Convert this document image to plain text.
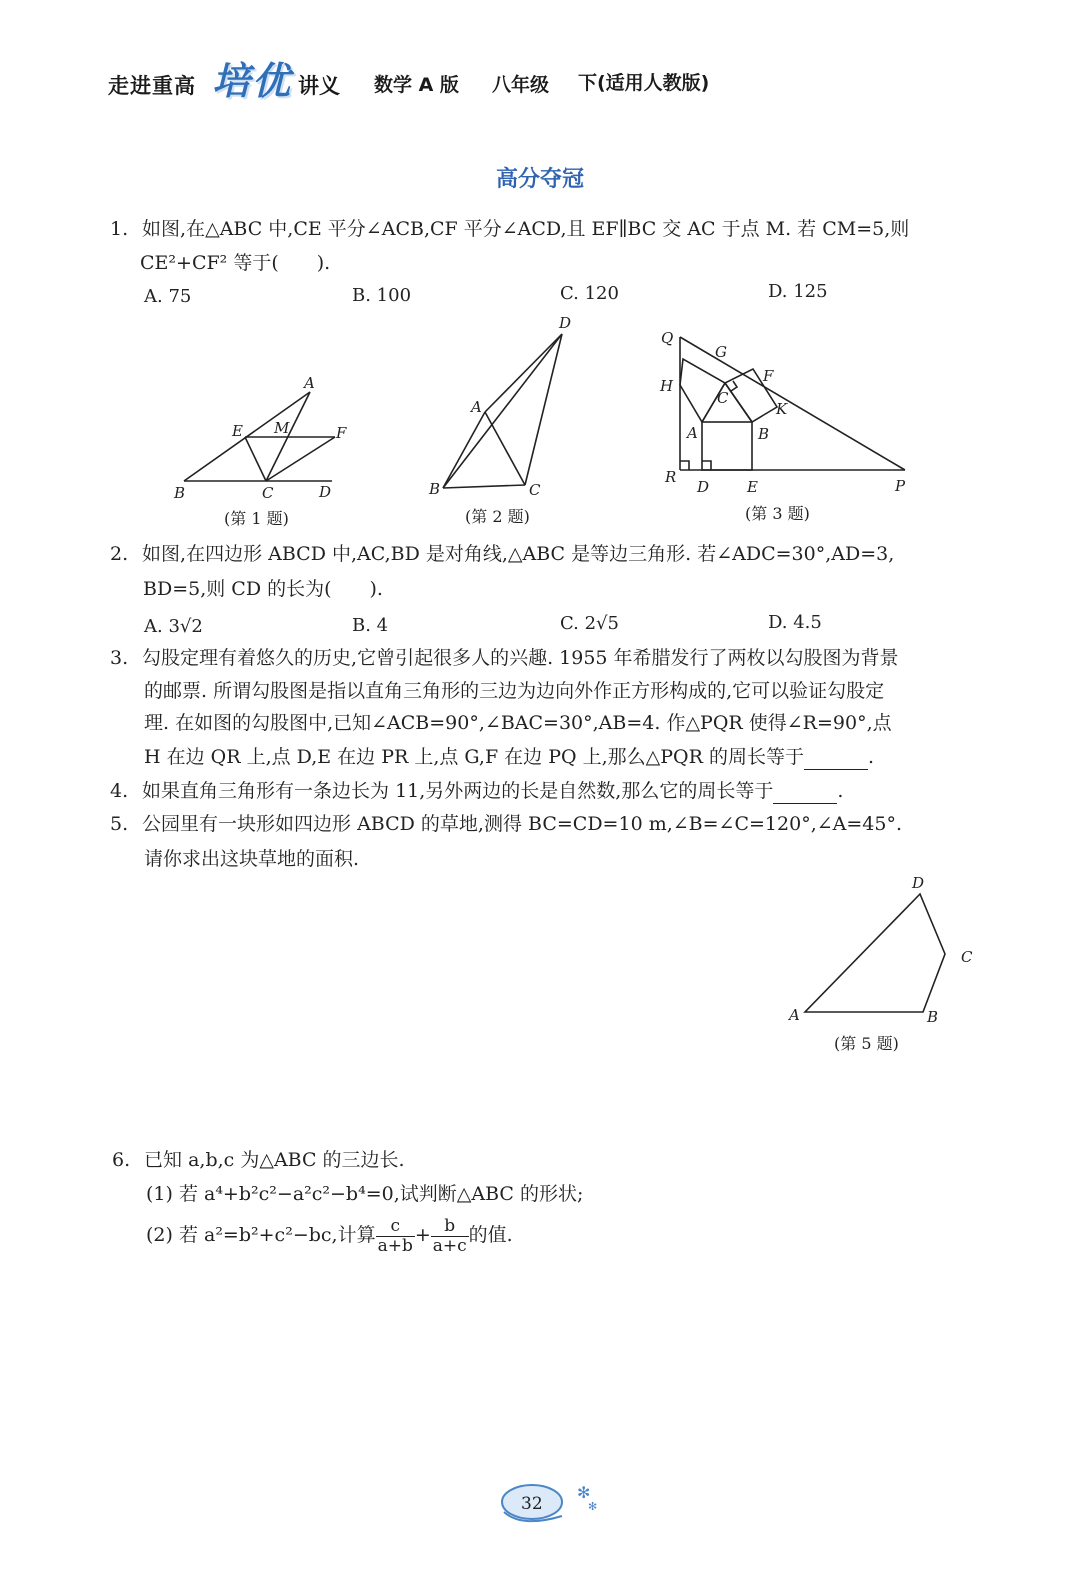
走进重高 培优 讲义 数学 A 版 八年级 下(适用人教版)
高分夺冠
1. 如图,在△ABC 中,CE 平分∠ACB,CF 平分∠ACD,且 EF∥BC 交 AC 于点 M. 若 CM=5,则
CE²+CF² 等于(　　).
A. 75	B. 100	C. 120	D. 125
A
E M	F
B	C	D
(第 1 题)
D
A
B	C
(第 2 题)
Q
G
H
F
C
K
A	B
R
D	E	P
(第 3 题)
2. 如图,在四边形 ABCD 中,AC,BD 是对角线,△ABC 是等边三角形. 若∠ADC=30°,AD=3,
BD=5,则 CD 的长为(　　).
A. 3√2	B. 4	C. 2√5	D. 4.5
3. 勾股定理有着悠久的历史,它曾引起很多人的兴趣. 1955 年希腊发行了两枚以勾股图为背景
的邮票. 所谓勾股图是指以直角三角形的三边为边向外作正方形构成的,它可以验证勾股定
理. 在如图的勾股图中,已知∠ACB=90°,∠BAC=30°,AB=4. 作△PQR 使得∠R=90°,点
H 在边 QR 上,点 D,E 在边 PR 上,点 G,F 在边 PQ 上,那么△PQR 的周长等于	.
4. 如果直角三角形有一条边长为 11,另外两边的长是自然数,那么它的周长等于	.
5. 公园里有一块形如四边形 ABCD 的草地,测得 BC=CD=10 m,∠B=∠C=120°,∠A=45°.
请你求出这块草地的面积.
D
C
A	B
(第 5 题)
6. 已知 a,b,c 为△ABC 的三边长.
(1) 若 a⁴+b²c²−a²c²−b⁴=0,试判断△ABC 的形状;
(2) 若 a²=b²+c²−bc,计算 $\frac{c}{a+b} + \frac{b}{a+c}$ 的值.
✻
✻
32
